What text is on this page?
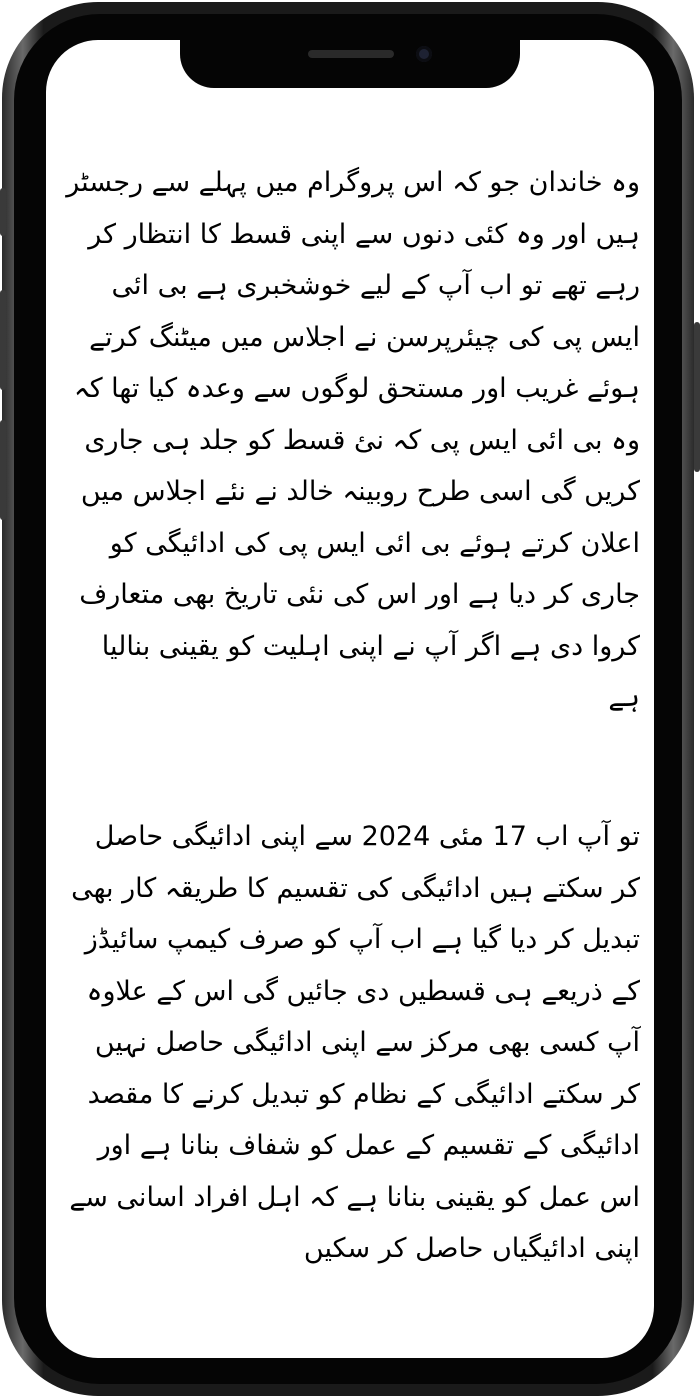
وہ خاندان جو کہ اس پروگرام میں پہلے سے رجسٹر ہیں اور وہ کئی دنوں سے اپنی قسط کا انتظار کر رہے تھے تو اب آپ کے لیے خوشخبری ہے بی ائی ایس پی کی چیئرپرسن نے اجلاس میں میٹنگ کرتے ہوئے غریب اور مستحق لوگوں سے وعدہ کیا تھا کہ وہ بی ائی ایس پی کہ نئ قسط کو جلد ہی جاری کریں گی اسی طرح روبینہ خالد نے نئے اجلاس میں اعلان کرتے ہوئے بی ائی ایس پی کی ادائیگی کو جاری کر دیا ہے اور اس کی نئی تاریخ بھی متعارف کروا دی ہے اگر آپ نے اپنی اہلیت کو یقینی بنالیا ہے

تو آپ اب 17 مئی 2024 سے اپنی ادائیگی حاصل کر سکتے ہیں ادائیگی کی تقسیم کا طریقہ کار بھی تبدیل کر دیا گیا ہے اب آپ کو صرف کیمپ سائیڈز کے ذریعے ہی قسطیں دی جائیں گی اس کے علاوہ آپ کسی بھی مرکز سے اپنی ادائیگی حاصل نہیں کر سکتے ادائیگی کے نظام کو تبدیل کرنے کا مقصد ادائیگی کے تقسیم کے عمل کو شفاف بنانا ہے اور اس عمل کو یقینی بنانا ہے کہ اہل افراد اسانی سے اپنی ادائیگیاں حاصل کر سکیں
